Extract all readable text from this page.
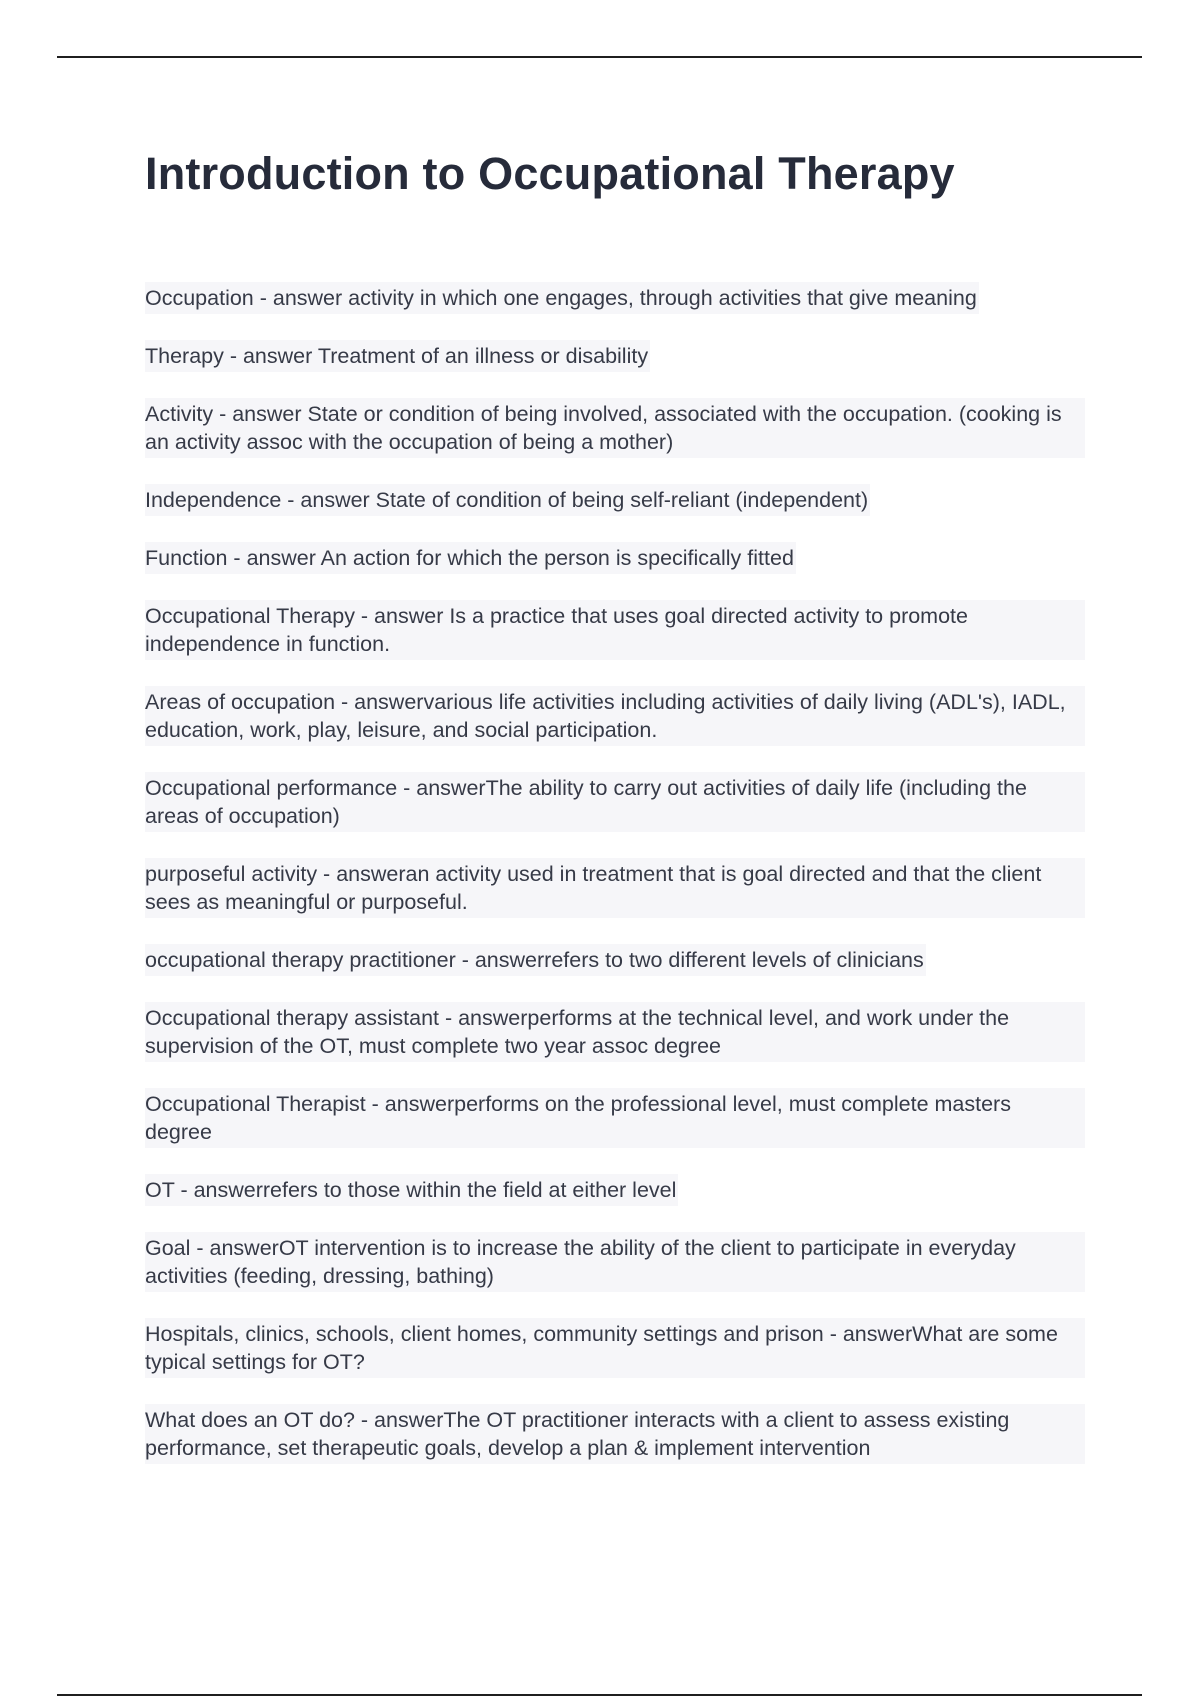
Introduction to Occupational Therapy
Occupation - answer activity in which one engages, through activities that give meaning
Therapy - answer Treatment of an illness or disability
Activity - answer State or condition of being involved, associated with the occupation. (cooking is an activity assoc with the occupation of being a mother)
Independence - answer State of condition of being self-reliant (independent)
Function - answer An action for which the person is specifically fitted
Occupational Therapy - answer Is a practice that uses goal directed activity to promote independence in function.
Areas of occupation - answervarious life activities including activities of daily living (ADL's), IADL, education, work, play, leisure, and social participation.
Occupational performance - answerThe ability to carry out activities of daily life (including the areas of occupation)
purposeful activity - answeran activity used in treatment that is goal directed and that the client sees as meaningful or purposeful.
occupational therapy practitioner - answerrefers to two different levels of clinicians
Occupational therapy assistant - answerperforms at the technical level, and work under the supervision of the OT, must complete two year assoc degree
Occupational Therapist - answerperforms on the professional level, must complete masters degree
OT - answerrefers to those within the field at either level
Goal - answerOT intervention is to increase the ability of the client to participate in everyday activities (feeding, dressing, bathing)
Hospitals, clinics, schools, client homes, community settings and prison - answerWhat are some typical settings for OT?
What does an OT do? - answerThe OT practitioner interacts with a client to assess existing performance, set therapeutic goals, develop a plan & implement intervention
